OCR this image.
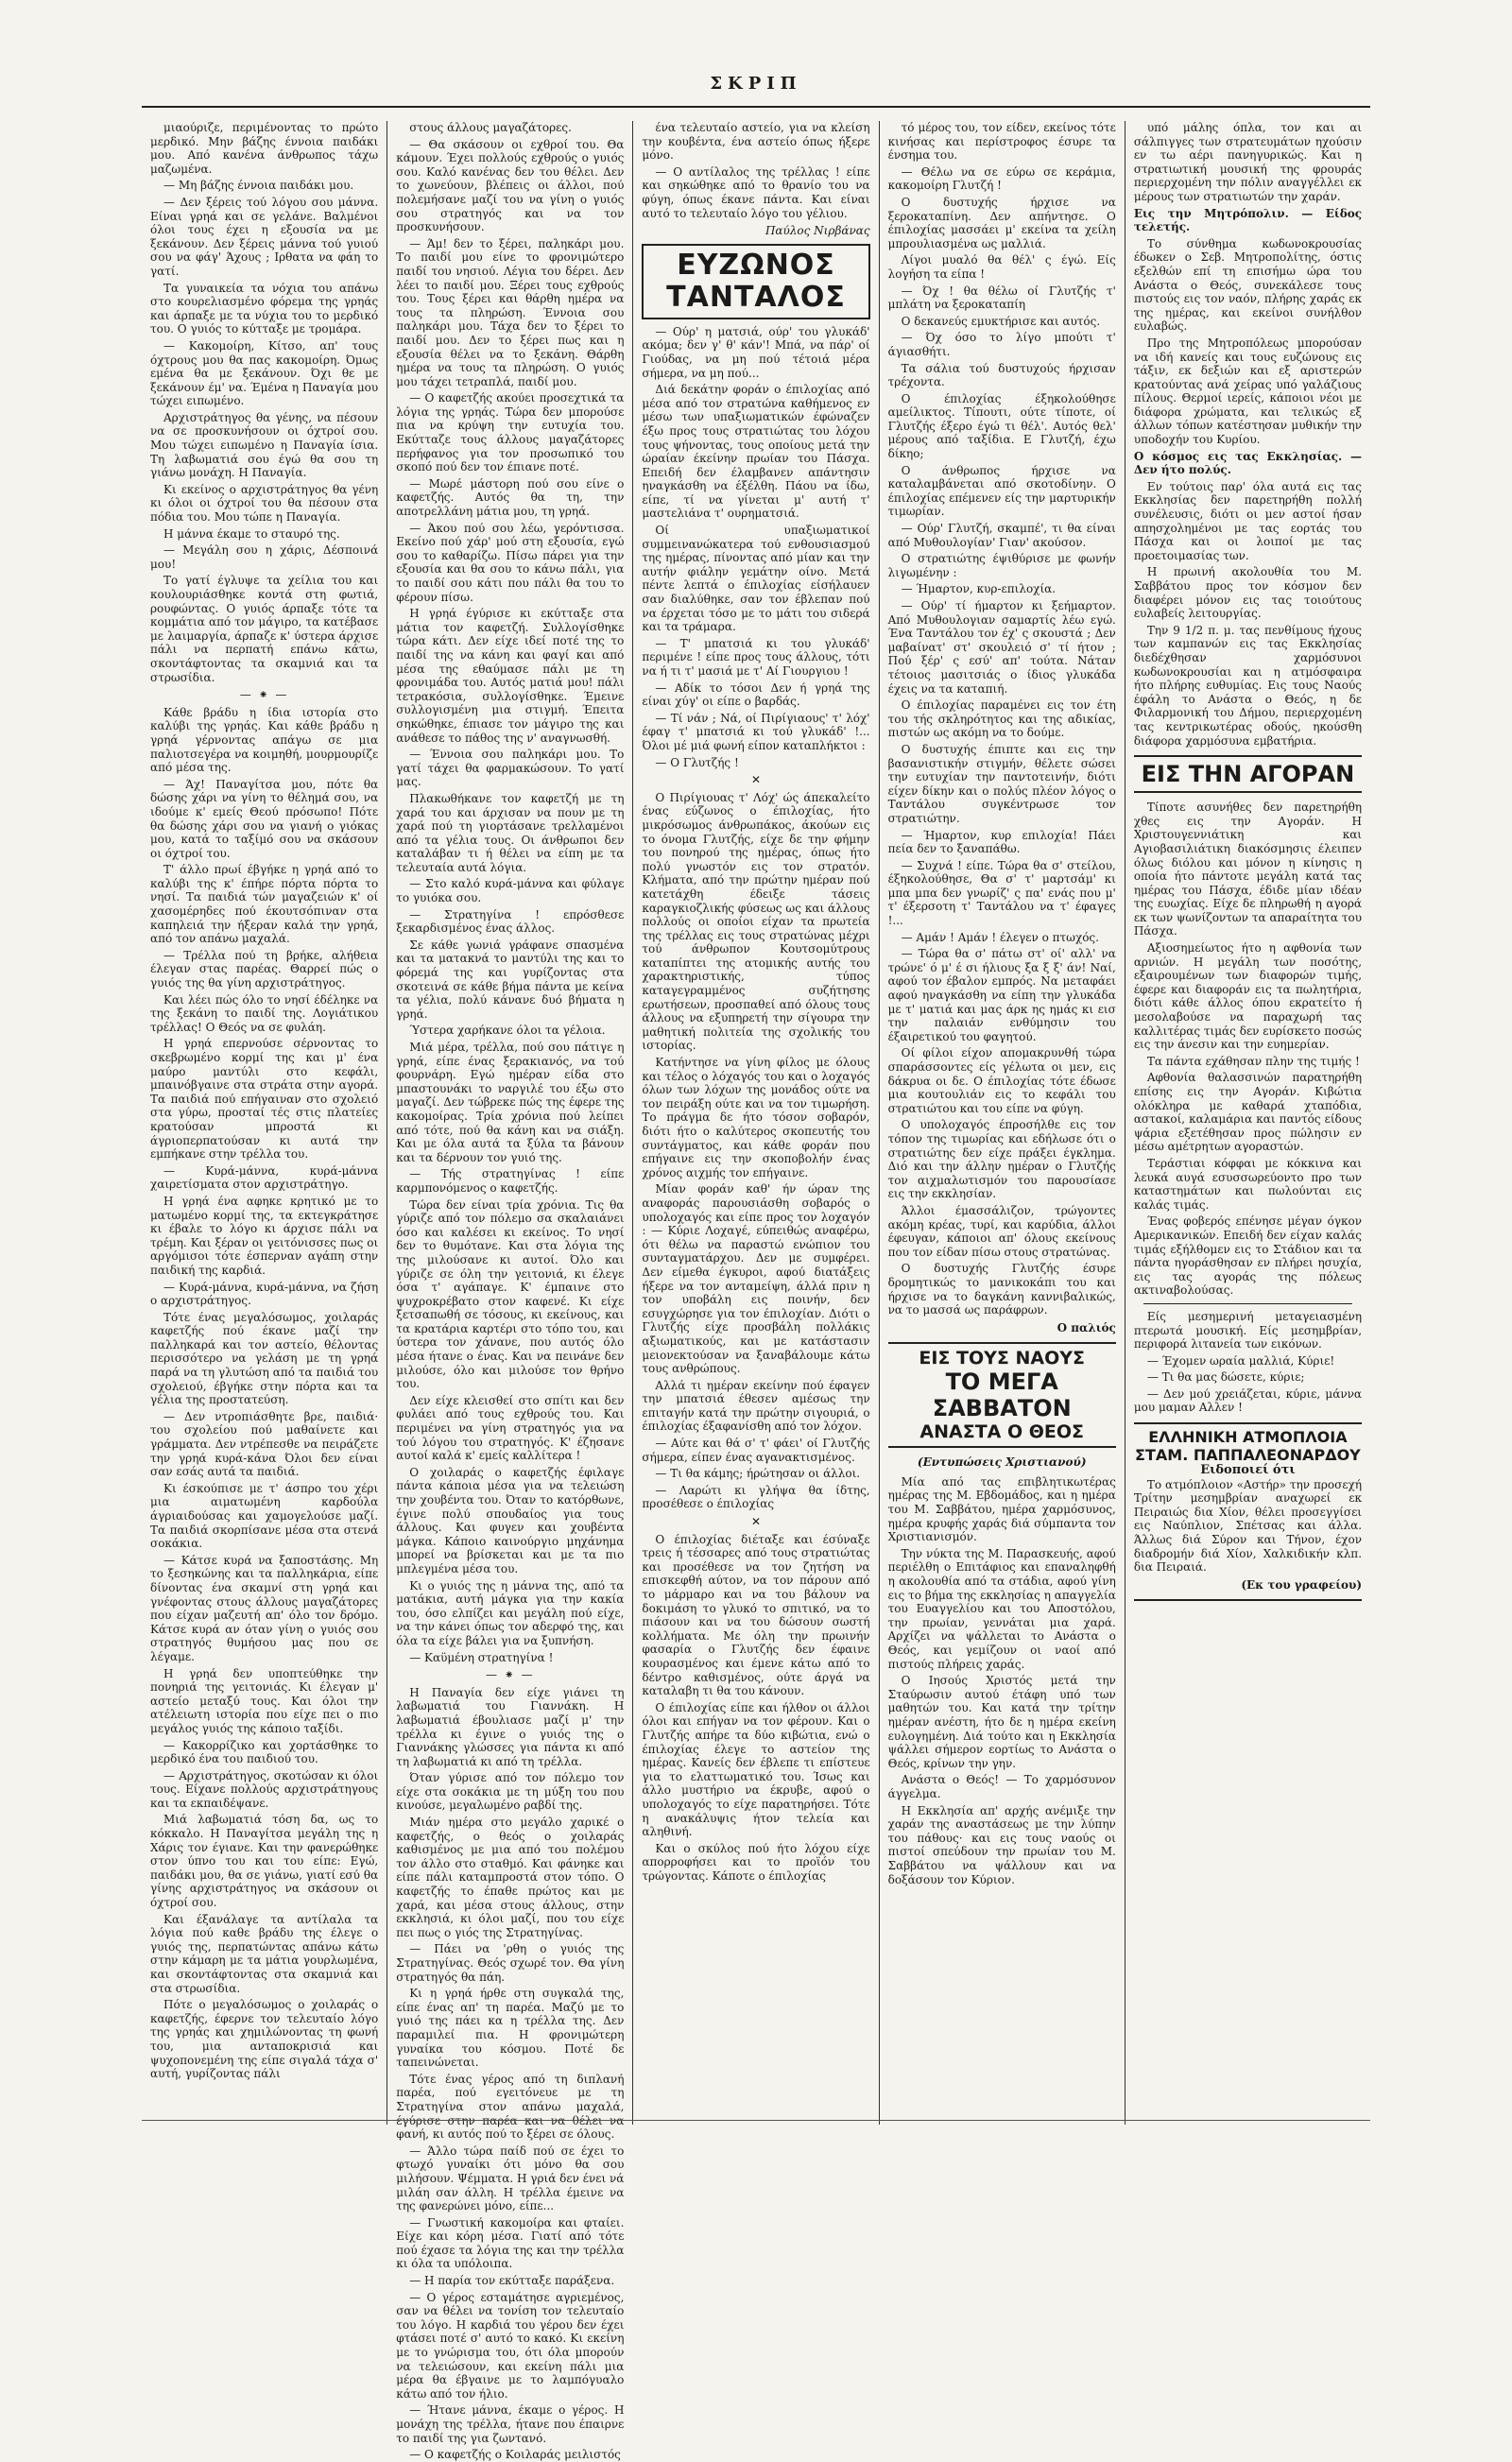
ΣΚΡΙΠ

μιαούριζε, περιμένοντας το πρώτο μερδικό. Μην βάζης έννοια παιδάκι μου. Από κανένα άνθρωπος τάχω μαζωμένα.

— Μη βάζης έννοια παιδάκι μου.

— Δεν ξέρεις τού λόγου σου μάννα. Είναι γρηά και σε γελάνε. Βαλμένοι όλοι τους έχει η εξουσία να με ξεκάνουν. Δεν ξέρεις μάννα τού γυιού σου να φάγ' Άχους ; Ιρθατα να φάη το γατί.

Τα γυναικεία τα νόχια του απάνω στο κουρελιασμένο φόρεμα της γρηάς και άρπαξε με τα νύχια του το μερδικό του. Ο γυιός το κύτταξε με τρομάρα.

— Κακομοίρη, Κίτσο, απ' τους όχτρους μου θα πας κακομοίρη. Όμως εμένα θα με ξεκάνουν. Όχι θε με ξεκάνουν έμ' να. Έμένα η Παναγία μου τώχει ειπωμένο.

Αρχιστράτηγος θα γένης, να πέσουν να σε προσκυνήσουν οι όχτροί σου. Μου τώχει ειπωμένο η Παναγία ίσια. Τη λαβωματιά σου έγώ θα σου τη γιάνω μονάχη. Η Παναγία.

Κι εκείνος ο αρχιστράτηγος θα γένη κι όλοι οι όχτροί του θα πέσουν στα πόδια του. Μου τώπε η Παναγία.

Η μάννα έκαμε το σταυρό της.

— Μεγάλη σου η χάρις, Δέσποινά μου!

Το γατί έγλυψε τα χείλια του και κουλουριάσθηκε κοντά στη φωτιά, ρουφώντας. Ο γυιός άρπαξε τότε τα κομμάτια από τον μάγιρο, τα κατέβασε με λαιμαργία, άρπαζε κ' ύστερα άρχισε πάλι να περπατή επάνω κάτω, σκοντάφτοντας τα σκαμνιά και τα στρωσίδια.

— ⁕ —

Κάθε βράδυ η ίδια ιστορία στο καλύβι της γρηάς. Και κάθε βράδυ η γρηά γέρνοντας απάγω σε μια παλιοτσεγέρα να κοιμηθή, μουρμουρίζε από μέσα της.

— Άχ! Παναγίτσα μου, πότε θα δώσης χάρι να γίνη το θέλημά σου, να ιδούμε κ' εμείς Θεού πρόσωπο! Πότε θα δώσης χάρι σου να γιανή ο γιόκας μου, κατά το ταξίμό σου να σκάσουν οι όχτροί του.

Τ' άλλο πρωί έβγήκε η γρηά από το καλύβι της κ' έπήρε πόρτα πόρτα το νησί. Τα παιδιά τών μαγαζειών κ' οί χασομέρηδες πού έκουτσόπιναν στα καπηλειά την ήξεραν καλά την γρηά, από τον απάνω μαχαλά.

— Τρέλλα πού τη βρήκε, αλήθεια έλεγαν στας παρέας. Θαρρεί πώς ο γυιός της θα γίνη αρχιστράτηγος.

Και λέει πώς όλο το νησί έδέληκε να της ξεκάνη το παιδί της. Λογιάτικου τρέλλας! Ο Θεός να σε φυλάη.

Η γρηά επερνούσε σέρνοντας το σκεβρωμένο κορμί της και μ' ένα μαύρο μαντύλι στο κεφάλι, μπαινόβγαινε στα στράτα στην αγορά. Τα παιδιά πού επήγαιναν στο σχολειό στα γύρω, προσταί τές στις πλατείες κρατούσαν μπροστά κι άγριοπερπατούσαν κι αυτά την εμπήκανε στην τρέλλα του.

— Κυρά-μάννα, κυρά-μάννα χαιρετίσματα στον αρχιστράτηγο.

Η γρηά ένα αφηκε κρητικό με το ματωμένο κορμί της, τα εκτεγκράτησε κι έβαλε το λόγο κι άρχισε πάλι να τρέμη. Και ξέραν οι γειτόνισσες πως οι αργόμισοι τότε έσπερναν αγάπη στην παιδική της καρδιά.

— Κυρά-μάννα, κυρά-μάννα, να ζήση ο αρχιστράτηγος.

Τότε ένας μεγαλόσωμος, χοιλαράς καφετζής πού έκανε μαζί την παλληκαρά και τον αστείο, θέλοντας περισσότερο να γελάση με τη γρηά παρά να τη γλυτώση από τα παιδιά του σχολειού, έβγήκε στην πόρτα και τα γέλια της προστατεύση.

— Δεν ντροπιάσθητε βρε, παιδιά· του σχολείου πού μαθαίνετε και γράμματα. Δεν ντρέπεσθε να πειράζετε την γρηά κυρά-κάνα Όλοι δεν είναι σαν εσάς αυτά τα παιδιά.

Κι έσκούπισε με τ' άσπρο του χέρι μια αιματωμένη καρδούλα άγριαιδούσας και χαμογελούσε μαζί. Τα παιδιά σκορπίσανε μέσα στα στενά σοκάκια.

— Κάτσε κυρά να ξαποστάσης. Μη το ξεσηκώνης και τα παλληκάρια, είπε δίνοντας ένα σκαμνί στη γρηά και γνέφοντας στους άλλους μαγαζάτορες που είχαν μαζευτή απ' όλο τον δρόμο. Κάτσε κυρά αν όταν γίνη ο γυιός σου στρατηγός θυμήσου μας που σε λέγαμε.

Η γρηά δεν υποπτεύθηκε την πονηριά της γειτονιάς. Κι έλεγαν μ' αστείο μεταξύ τους. Και όλοι την ατέλειωτη ιστορία που είχε πει ο πιο μεγάλος γυιός της κάποιο ταξίδι.

— Κακορρίζικο και χορτάσθηκε το μερδικό ένα του παιδιού του.

— Αρχιστράτηγος, σκοτώσαν κι όλοι τους. Είχανε πολλούς αρχιστράτηγους και τα εκπαιδέψανε.

Μιά λαβωματιά τόση δα, ως το κόκκαλο. Η Παναγίτσα μεγάλη της η Χάρις τον έγιανε. Και την φανερώθηκε στον ύπνο του και του είπε: Εγώ, παιδάκι μου, θα σε γιάνω, γιατί εσύ θα γίνης αρχιστράτηγος να σκάσουν οι όχτροί σου.

Και έξανάλαγε τα αντίλαλα τα λόγια πού καθε βράδυ της έλεγε ο γυιός της, περπατώντας απάνω κάτω στην κάμαρη με τα μάτια γουρλωμένα, και σκοντάφτοντας στα σκαμνιά και στα στρωσίδια.

Πότε ο μεγαλόσωμος ο χοιλαράς ο καφετζής, έφερνε τον τελευταίο λόγο της γρηάς και χημιλώνοντας τη φωνή του, μια ανταποκρισιά και ψυχοπονεμένη της είπε σιγαλά τάχα σ' αυτή, γυρίζοντας πάλι

στους άλλους μαγαζάτορες.

— Θα σκάσουν οι εχθροί του. Θα κάμουν. Έχει πολλούς εχθρούς ο γυιός σου. Καλό κανένας δεν του θέλει. Δεν το χωνεύουν, βλέπεις οι άλλοι, πού πολεμήσανε μαζί του να γίνη ο γυιός σου στρατηγός και να τον προσκυνήσουν.

— Άμ! δεν το ξέρει, παληκάρι μου. Το παιδί μου είνε το φρονιμώτερο παιδί του νησιού. Λέγια του δέρει. Δεν λέει το παιδί μου. Ξέρει τους εχθρούς του. Τους ξέρει και θάρθη ημέρα να τους τα πληρώση. Έννοια σου παληκάρι μου. Τάχα δεν το ξέρει το παιδί μου. Δεν το ξέρει πως και η εξουσία θέλει να το ξεκάνη. Θάρθη ημέρα να τους τα πληρώση. Ο γυιός μου τάχει τετραπλά, παιδί μου.

— Ο καφετζής ακούει προσεχτικά τα λόγια της γρηάς. Τώρα δεν μπορούσε πια να κρύψη την ευτυχία του. Εκύτταζε τους άλλους μαγαζάτορες περήφανος για τον προσωπικό του σκοπό πού δεν τον έπιανε ποτέ.

— Μωρέ μάστορη πού σου είνε ο καφετζής. Αυτός θα τη, την αποτρελλάνη μάτια μου, τη γρηά.

— Άκου πού σου λέω, γερόντισσα. Εκείνο πού χάρ' μού στη εξουσία, εγώ σου το καθαρίζω. Πίσω πάρει για την εξουσία και θα σου το κάνω πάλι, για το παιδί σου κάτι που πάλι θα του το φέρουν πίσω.

Η γρηά έγύρισε κι εκύτταξε στα μάτια τον καφετζή. Συλλογίσθηκε τώρα κάτι. Δεν είχε ιδεί ποτέ της το παιδί της να κάνη και φαγί και από μέσα της εθαύμασε πάλι με τη φρονιμάδα του. Αυτός ματιά μου! πάλι τετρακόσια, συλλογίσθηκε. Έμεινε συλλογισμένη μια στιγμή. Έπειτα σηκώθηκε, έπιασε τον μάγιρο της και ανάθεσε το πάθος της ν' αναγνωσθή.

— Έννοια σου παληκάρι μου. Το γατί τάχει θα φαρμακώσουν. Το γατί μας.

Πλακωθήκανε τον καφετζή με τη χαρά του και άρχισαν να πουν με τη χαρά πού τη γιορτάσανε τρελλαμένοι από τα γέλια τους. Οι άνθρωποι δεν καταλάβαν τι ή θέλει να είπη με τα τελευταία αυτά λόγια.

— Στο καλό κυρά-μάννα και φύλαγε το γυιόκα σου.

— Στρατηγίνα ! επρόσθεσε ξεκαρδισμένος ένας άλλος.

Σε κάθε γωνιά γράφανε σπασμένα και τα ματακνά το μαντύλι της και το φόρεμά της και γυρίζοντας στα σκοτεινά σε κάθε βήμα πάντα με κείνα τα γέλια, πολύ κάνανε δυό βήματα η γρηά.

Ύστερα χαρήκανε όλοι τα γέλοια.

Μιά μέρα, τρέλλα, πού σου πάτιγε η γρηά, είπε ένας ξερακιανός, να τού φουρνάρη. Εγώ ημέραν είδα στο μπαστουνάκι το ναργιλέ του έξω στο μαγαζί. Δεν τώβρεκε πώς της έφερε της κακομοίρας. Τρία χρόνια πού λείπει από τότε, πού θα κάνη και να σιάξη. Και με όλα αυτά τα ξύλα τα βάνουν και τα δέρνουν τον γυιό της.

— Τής στρατηγίνας ! είπε καρμπονόμενος ο καφετζής.

Τώρα δεν είναι τρία χρόνια. Τις θα γύριζε από τον πόλεμο σα σκαλαιάνει όσο και καλέσει κι εκείνος. Το νησί δεν το θυμότανε. Και στα λόγια της της μιλούσανε κι αυτοί. Όλο και γύριζε σε όλη την γειτονιά, κι έλεγε όσα τ' αγάπαγε. Κ' έμπαινε στο ψυχροκρέβατο στον καφενέ. Κι είχε ξετσαπωθή σε τόσους, κι εκείνους, και τα κρατάρια καρτέρι στο τόπο του, και ύστερα τον χάνανε, που αυτός όλο μέσα ήτανε ο ένας. Και να πεινάνε δεν μιλούσε, όλο και μιλούσε τον θρήνο του.

Δεν είχε κλεισθεί στο σπίτι και δεν φυλάει από τους εχθρούς του. Και περιμένει να γίνη στρατηγός για να τού λόγου του στρατηγός. Κ' έζησανε αυτοί καλά κ' εμείς καλλίτερα !

Ο χοιλαράς ο καφετζής έφιλαγε πάντα κάποια μέσα για να τελειώση την χουβέντα του. Όταν το κατόρθωνε, έγινε πολύ σπουδαίος για τους άλλους. Και φυγεν και χουβέντα μάγκα. Κάποιο καινούργιο μηχάνημα μπορεί να βρίσκεται και με τα πιο μπλεγμένα μέσα του.

Κι ο γυιός της η μάννα της, από τα ματάκια, αυτή μάγκα για την κακία του, όσο ελπίζει και μεγάλη πού είχε, να την κάνει όπως τον αδερφό της, και όλα τα είχε βάλει για να ξυπνήση.

— Καϋμένη στρατηγίνα !

— ⁕ —

Η Παναγία δεν είχε γιάνει τη λαβωματιά του Γιαννάκη. Η λαβωματιά έβουλιασε μαζί μ' την τρέλλα κι έγινε ο γυιός της ο Γιαννάκης γλώσσες για πάντα κι από τη λαβωματιά κι από τη τρέλλα.

Όταν γύρισε από τον πόλεμο τον είχε στα σοκάκια με τη μύξη του που κινούσε, μεγαλωμένο ραβδί της.

Μιάν ημέρα στο μεγάλο χαρικέ ο καφετζής, ο θεός ο χοιλαράς καθισμένος με μια από του πολέμου τον άλλο στο σταθμό. Και φάνηκε και είπε πάλι καταμπροστά στον τόπο. Ο καφετζής το έπαθε πρώτος και με χαρά, και μέσα στους άλλους, στην εκκλησιά, κι όλοι μαζί, που του είχε πει πως ο γιός της Στρατηγίνας.

— Πάει να 'ρθη ο γυιός της Στρατηγίνας. Θεός σχωρέ τον. Θα γίνη στρατηγός θα πάη.

Κι η γρηά ήρθε στη συγκαλά της, είπε ένας απ' τη παρέα. Μαζύ με το γυιό της πάει κα η τρέλλα της. Δεν παραμιλεί πια. Η φρονιμώτερη γυναίκα του κόσμου. Ποτέ δε ταπεινώνεται.

Τότε ένας γέρος από τη διπλανή παρέα, πού εγειτόνευε με τη Στρατηγίνα στον απάνω μαχαλά, έγύρισε στην παρέα και να θέλει να φανή, κι αυτός πού το ξέρει σε όλους.

— Άλλο τώρα παίδ πού σε έχει το φτωχό γυναίκι ότι μόνο θα σου μιλήσουν. Ψέμματα. Η γριά δεν ένει νά μιλάη σαν άλλη. Η τρέλλα έμεινε να της φανερώνει μόνο, είπε...

— Γνωστική κακομοίρα και φταίει. Είχε και κόρη μέσα. Γιατί από τότε πού έχασε τα λόγια της και την τρέλλα κι όλα τα υπόλοιπα.

— Η παρία τον εκύτταξε παράξενα.

— Ο γέρος εσταμάτησε αγριεμένος, σαν να θέλει να τονίση τον τελευταίο του λόγο. Η καρδιά του γέρου δεν έχει φτάσει ποτέ σ' αυτό το κακό. Κι εκείνη με το γνώρισμα του, ότι όλα μπορούν να τελειώσουν, και εκείνη πάλι μια μέρα θα έβγαινε με το λαμπόγυαλο κάτω από τον ήλιο.

— Ήτανε μάννα, έκαμε ο γέρος. Η μονάχη της τρέλλα, ήτανε που έπαιρνε το παιδί της για ζωντανό.

— Ο καφετζής ο Κοιλαράς μειλιστός

ένα τελευταίο αστείο, για να κλείση την κουβέντα, ένα αστείο όπως ήξερε μόνο.

— Ο αντίλαλος της τρέλλας ! είπε και σηκώθηκε από το θρανίο του να φύγη, όπως έκανε πάντα. Και είναι αυτό το τελευταίο λόγο του γέλιου.

Παύλος Νιρβάνας
ΕΥΖΩΝΟΣ ΤΑΝΤΑΛΟΣ

— Ούρ' η ματσιά, ούρ' του γλυκάδ' ακόμα; δεν γ' θ' κάν'! Μπά, να πάρ' οί Γιούδας, να μη πού τέτοιά μέρα σήμερα, να μη πού...

Διά δεκάτην φοράν ο έπιλοχίας από μέσα από τον στρατώνα καθήμενος εν μέσω των υπαξιωματικών έφώναζεν έξω προς τους στρατιώτας του λόχου τους ψήνοντας, τους οποίους μετά την ώραίαν έκείνην πρωίαν του Πάσχα. Επειδή δεν έλαμβανεν απάντησιν ηναγκάσθη να έξέλθη. Πάου να ίδω, είπε, τί να γίνεται μ' αυτή τ' μαστελιάνα τ' ουρηματσιά.

Οί υπαξιωματικοί συμμεινανώκατερα τού ενθουσιασμού της ημέρας, πίνοντας από μίαν και την αυτήν φιάλην γεμάτην οίνο. Μετά πέντε λεπτά ο έπιλοχίας είσήλαυεν σαν διαλύθηκε, σαν τον έβλεπαν πού να έρχεται τόσο με το μάτι του σιδερά και τα τράμαρα.

— Τ' μπατσιά κι του γλυκάδ' περιμένε ! είπε προς τους άλλους, τότι να ή τι τ' μασιά με τ' Αί Γιουργιου !

— Αδίκ το τόσοι Δεν ή γρηά της είναι χύγ' οι είπε ο βαρδάς.

— Τί νάν ; Νά, οί Πιρίγιαους' τ' λόχ' έφαγ τ' μπατσιά κι τού γλυκάδ' !... Όλοι μέ μιά φωνή είπον καταπλήκτοι :

— Ο Γλυτζής !

✕

Ο Πιρίγιουας τ' Λόχ' ώς άπεκαλείτο ένας εύζωνος ο έπιλοχίας, ήτο μικρόσωμος άνθρωπάκος, άκούων εις το όνομα Γλυτζής, είχε δε την φήμην του πονηρού της ημέρας, όπως ήτο πολύ γνωστόν εις τον στρατόν. Κλήματα, από την πρώτην ημέραν πού κατετάχθη έδειξε τάσεις καραγκιοζλικής φύσεως ως και άλλους πολλούς οι οποίοι είχαν τα πρωτεία της τρέλλας εις τους στρατώνας μέχρι τού άνθρωπον Κουτσομύτρους καταπίπτει της ατομικής αυτής του χαρακτηριστικής, τύπος καταγεγραμμένος συζήτησης ερωτήσεων, προσπαθεί από όλους τους άλλους να εξυπηρετή την σίγουρα την μαθητική πολιτεία της σχολικής του ιστορίας.

Κατήντησε να γίνη φίλος με όλους και τέλος ο λόχαγός του και ο λοχαγός όλων των λόχων της μονάδος ούτε να τον πειράξη ούτε και να τον τιμωρήση. Το πράγμα δε ήτο τόσον σοβαρόν, διότι ήτο ο καλύτερος σκοπευτής του συντάγματος, και κάθε φοράν που επήγαινε εις την σκοποβολήν ένας χρόνος αιχμής τον επήγαινε.

Μίαν φοράν καθ' ήν ώραν της αναφοράς παρουσιάσθη σοβαρός ο υπολοχαγός και είπε προς τον λοχαγόν : — Κύριε Λοχαγέ, εύπειθώς αναφέρω, ότι θέλω να παραστώ ενώπιον του συνταγματάρχου. Δεν με συμφέρει. Δεν είμεθα έγκυροι, αφού διατάξεις ήξερε να τον ανταμείψη, άλλά πριν η τον υποβάλη εις ποινήν, δεν εσυγχώρησε για τον έπιλοχίαν. Διότι ο Γλυτζής είχε προσβάλη πολλάκις αξιωματικούς, και με κατάστασιν μειονεκτούσαν να ξαναβάλουμε κάτω τους ανθρώπους.

Αλλά τι ημέραν εκείνην πού έφαγεν την μπατσιά έθεσεν αμέσως την επιταγήν κατά την πρώτην σιγουριά, ο έπιλοχίας έξαφανίσθη από τον λόχον.

— Αύτε και θά σ' τ' φάει' οί Γλυτζής σήμερα, είπεν ένας αγανακτισμένος.

— Τι θα κάμης; ήρώτησαν οι άλλοι.

— Λαρώτι κι γλήψα θα ίδτης, προσέθεσε ο έπιλοχίας

✕

Ο έπιλοχίας διέταξε και έσύναξε τρεις ή τέσσαρες από τους στρατιώτας και προσέθεσε να τον ζητήση να επισκεφθή αύτον, να τον πάρουν από το μάρμαρο και να του βάλουν να δοκιμάση το γλυκό το σπιτικό, να το πιάσουν και να του δώσουν σωστή κολλήματα. Με όλη την πρωινήν φασαρία ο Γλυτζής δεν έφαινε κουρασμένος και έμενε κάτω από το δέντρο καθισμένος, ούτε άργά να καταλαβη τι θα του κάνουν.

Ο έπιλοχίας είπε και ήλθον οι άλλοι όλοι και επήγαν να τον φέρουν. Και ο Γλυτζής απήρε τα δύο κιβώτια, ενώ ο έπιλοχίας έλεγε το αστείον της ημέρας. Κανείς δεν έβλεπε τι επίστευε για το ελαττωματικό του. Ίσως και άλλο μυστήριο να έκρυβε, αφού ο υπολοχαγός το είχε παρατηρήσει. Τότε η ανακάλυψις ήτον τελεία και αληθινή.

Και ο σκύλος πού ήτο λόχου είχε απορροφήσει και το προϊόν του τρώγοντας. Κάποτε ο έπιλοχίας

τό μέρος του, τον είδεν, εκείνος τότε κινήσας και περίστροφος έσυρε τα ένσημα του.

— Θέλω να σε εύρω σε κεράμια, κακομοίρη Γλυτζή !

Ο δυστυχής ήρχισε να ξεροκαταπίνη. Δεν απήντησε. Ο έπιλοχίας μασσάει μ' εκείνα τα χείλη μπρουλιασμένα ως μαλλιά.

Λίγοι μυαλό θα θέλ' ς έγώ. Είς λογήση τα είπα !

— Όχ ! θα θέλω οί Γλυτζής τ' μπλάτη να ξεροκαταπίη

Ο δεκανεύς εμυκτήρισε και αυτός.

— Όχ όσο το λίγο μπούτι τ' άγιασθήτι.

Τα σάλια τού δυστυχούς ήρχισαν τρέχοντα.

Ο έπιλοχίας έξηκολούθησε αμείλικτος. Τίπουτι, ούτε τίποτε, οί Γλυτζής έξερο έγώ τι θέλ'. Αυτός θελ' μέρους από ταξίδια. Ε Γλυτζή, έχω δίκηο;

Ο άνθρωπος ήρχισε να καταλαμβάνεται από σκοτοδίνην. Ο έπιλοχίας επέμενεν είς την μαρτυρικήν τιμωρίαν.

— Ούρ' Γλυτζή, σκαμπέ', τι θα είναι από Μυθουλογίαν' Γιαν' ακούσον.

Ο στρατιώτης έψιθύρισε με φωνήν λιγωμένην :

— Ήμαρτον, κυρ-επιλοχία.

— Ούρ' τί ήμαρτον κι ξεήμαρτον. Από Μυθουλογιαν σαμαρτίς λέω εγώ. Ένα Ταντάλου τον έχ' ς σκουστά ; Δεν μαβαίνατ' στ' σκουλειό σ' τί ήτον ; Πού ξέρ' ς εσύ' απ' τούτα. Νάταν τέτοιος μασιτσιάς ο ίδιος γλυκάδα έχεις να τα καταπιή.

Ο έπιλοχίας παραμένει εις τον έτη του τής σκληρότητος και της αδικίας, πιστών ως ακόμη να το δούμε.

Ο δυστυχής έπιπτε και εις την βασανιστικήν στιγμήν, θέλετε σώσει την ευτυχίαν την παντοτεινήν, διότι είχεν δίκην και ο πολύς πλέον λόγος ο Ταντάλου συγκέντρωσε τον στρατιώτην.

— Ήμαρτον, κυρ επιλοχία! Πάει πεία δεν το ξαναπάθω.

— Συχνά ! είπε. Τώρα θα σ' στείλου, έξηκολούθησε, Θα σ' τ' μαρτσάμ' κι μπα μπα δεν γνωρίζ' ς πα' ενάς που μ' τ' έξερσοτη τ' Ταντάλου να τ' έφαγες !...

— Αμάν ! Αμάν ! έλεγεν ο πτωχός.

— Τώρα θα σ' πάτω στ' οί' αλλ' να τρώνε' ό μ' έ σι ήλιους ξα ξ ξ' άν! Ναί, αφού τον έβαλον εμπρός. Να μεταφάει αφού ηναγκάσθη να είπη την γλυκάδα με τ' ματιά και μας άρκ ης ημάς κι εισ την παλαιάν ενθύμησιν του έξαιρετικού του φαγητού.

Οί φίλοι είχον απομακρυνθή τώρα σπαράσσοντες είς γέλωτα οι μεν, εις δάκρυα οι δε. Ο έπιλοχίας τότε έδωσε μια κουτουλιάν εις το κεφάλι του στρατιώτου και του είπε να φύγη.

Ο υπολοχαγός έπροσήλθε εις τον τόπον της τιμωρίας και εδήλωσε ότι ο στρατιώτης δεν είχε πράξει έγκλημα. Διό και την άλλην ημέραν ο Γλυτζής τον αιχμαλωτισμόν του παρουσίασε εις την εκκλησίαν.

Άλλοι έμασσάλιζον, τρώγοντες ακόμη κρέας, τυρί, και καρύδια, άλλοι έφευγαν, κάποιοι απ' όλους εκείνους που τον είδαν πίσω στους στρατώνας.

Ο δυστυχής Γλυτζής έσυρε δρομητικώς το μανικοκάπι του και ήρχισε να το δαγκάνη καννιβαλικώς, να το μασσά ως παράφρων.

Ο παλιός
ΕΙΣ ΤΟΥΣ ΝΑΟΥΣ
ΤΟ ΜΕΓΑ ΣΑΒΒΑΤΟΝ
ΑΝΑΣΤΑ Ο ΘΕΟΣ
(Εντυπώσεις Χριστιανού)

Μία από τας επιβλητικωτέρας ημέρας της Μ. Εβδομάδος, και η ημέρα του Μ. Σαββάτου, ημέρα χαρμόσυνος, ημέρα κρυφής χαράς διά σύμπαντα τον Χριστιανισμόν.

Την νύκτα της Μ. Παρασκευής, αφού περιέλθη ο Επιτάφιος και επαναληφθή η ακολουθία από τα στάδια, αφού γίνη εις το βήμα της εκκλησίας η απαγγελία του Ευαγγελίου και του Αποστόλου, την πρωίαν, γεννάται μια χαρά. Αρχίζει να ψάλλεται το Ανάστα ο Θεός, και γεμίζουν οι ναοί από πιστούς πλήρεις χαράς.

Ο Ιησούς Χριστός μετά την Σταύρωσιν αυτού έτάφη υπό των μαθητών του. Και κατά την τρίτην ημέραν ανέστη, ήτο δε η ημέρα εκείνη ευλογημένη. Διά τούτο και η Εκκλησία ψάλλει σήμερον εορτίως το Ανάστα ο Θεός, κρίνων την γην.

Ανάστα ο Θεός! — Το χαρμόσυνον άγγελμα.

Η Εκκλησία απ' αρχής ανέμιξε την χαράν της αναστάσεως με την λύπην του πάθους· και εις τους ναούς οι πιστοί σπεύδουν την πρωίαν του Μ. Σαββάτου να ψάλλουν και να δοξάσουν τον Κύριον.

υπό μάλης όπλα, τον και αι σάλπιγγες των στρατευμάτων ηχούσιν εν τω αέρι πανηγυρικώς. Και η στρατιωτική μουσική της φρουράς περιερχομένη την πόλιν αναγγέλλει εκ μέρους των στρατιωτών την χαράν.

Εις την Μητρόπολιν. — Είδος τελετής.

Το σύνθημα κωδωνοκρουσίας έδωκεν ο Σεβ. Μητροπολίτης, όστις εξελθών επί τη επισήμω ώρα του Ανάστα ο Θεός, συνεκάλεσε τους πιστούς εις τον ναόν, πλήρης χαράς εκ της ημέρας, και εκείνοι συνήλθον ευλαβώς.

Προ της Μητροπόλεως μπορούσαν να ιδή κανείς και τους ευζώνους εις τάξιν, εκ δεξιών και εξ αριστερών κρατούντας ανά χείρας υπό γαλάζιους πίλους. Θερμοί ιερείς, κάποιοι νέοι με διάφορα χρώματα, και τελικώς εξ άλλων τόπων κατέστησαν μυθικήν την υποδοχήν του Κυρίου.

Ο κόσμος εις τας Εκκλησίας. — Δεν ήτο πολύς.

Εν τούτοις παρ' όλα αυτά εις τας Εκκλησίας δεν παρετηρήθη πολλή συνέλευσις, διότι οι μεν αστοί ήσαν απησχολημένοι με τας εορτάς του Πάσχα και οι λοιποί με τας προετοιμασίας των.

Η πρωινή ακολουθία του Μ. Σαββάτου προς τον κόσμον δεν διαφέρει μόνον εις τας τοιούτους ευλαβείς λειτουργίας.

Την 9 1/2 π. μ. τας πενθίμους ήχους των καμπανών εις τας Εκκλησίας διεδέχθησαν χαρμόσυνοι κωδωνοκρουσίαι και η ατμόσφαιρα ήτο πλήρης ευθυμίας. Εις τους Ναούς έφάλη το Ανάστα ο Θεός, η δε Φιλαρμονική του Δήμου, περιερχομένη τας κεντρικωτέρας οδούς, ηκούσθη διάφορα χαρμόσυνα εμβατήρια.

ΕΙΣ ΤΗΝ ΑΓΟΡΑΝ

Τίποτε ασυνήθες δεν παρετηρήθη χθες εις την Αγοράν. Η Χριστουγεννιάτικη και Αγιοβασιλιάτικη διακόσμησις έλειπεν όλως διόλου και μόνον η κίνησις η οποία ήτο πάντοτε μεγάλη κατά τας ημέρας του Πάσχα, έδιδε μίαν ιδέαν της ευωχίας. Είχε δε πληρωθή η αγορά εκ των ψωνίζοντων τα απαραίτητα του Πάσχα.

Αξιοσημείωτος ήτο η αφθονία των αρνιών. Η μεγάλη των ποσότης, εξαιρουμένων των διαφορών τιμής, έφερε και διαφοράν εις τα πωλητήρια, διότι κάθε άλλος όπου εκρατείτο ή μεσολαβούσε να παραχωρή τας καλλιτέρας τιμάς δεν ευρίσκετο ποσώς εις την άνεσιν και την ευημερίαν.

Τα πάντα εχάθησαν πλην της τιμής !

Αφθονία θαλασσινών παρατηρήθη επίσης εις την Αγοράν. Κιβώτια ολόκληρα με καθαρά χταπόδια, αστακοί, καλαμάρια και παντός είδους ψάρια εξετέθησαν προς πώλησιν εν μέσω αμέτρητων αγοραστών.

Τεράστιαι κόφφαι με κόκκινα και λευκά αυγά εσυσσωρεύοντο προ των καταστημάτων και πωλούνται εις καλάς τιμάς.

Ένας φοβερός επένησε μέγαν όγκον Αμερικανικών. Επειδή δεν είχαν καλάς τιμάς εξήλθομεν εις το Στάδιον και τα πάντα ηγοράσθησαν εν πλήρει ησυχία, εις τας αγοράς της πόλεως ακτιναβολούσας.

Είς μεσημερινή μεταγειασμένη πτερωτά μουσική. Είς μεσημβρίαν, περιφορά λιτανεία των εικόνων.

— Έχομεν ωραία μαλλιά, Κύριε!

— Τι θα μας δώσετε, κύριε;

— Δεν μού χρειάζεται, κύριε, μάννα μου μαμαν Αλλεν !

ΕΛΛΗΝΙΚΗ ΑΤΜΟΠΛΟΙΑ
ΣΤΑΜ. ΠΑΠΠΑΛΕΟΝΑΡΔΟΥ
Ειδοποιεί ότι

Το ατμόπλοιον «Αστήρ» την προσεχή Τρίτην μεσημβρίαν αναχωρεί εκ Πειραιώς δια Χίον, θέλει προσεγγίσει εις Ναύπλιον, Σπέτσας και άλλα. Άλλως διά Σύρον και Τήνον, έχον διαδρομήν διά Χίον, Χαλκιδικήν κλπ. δια Πειραιά.

(Εκ του γραφείου)
